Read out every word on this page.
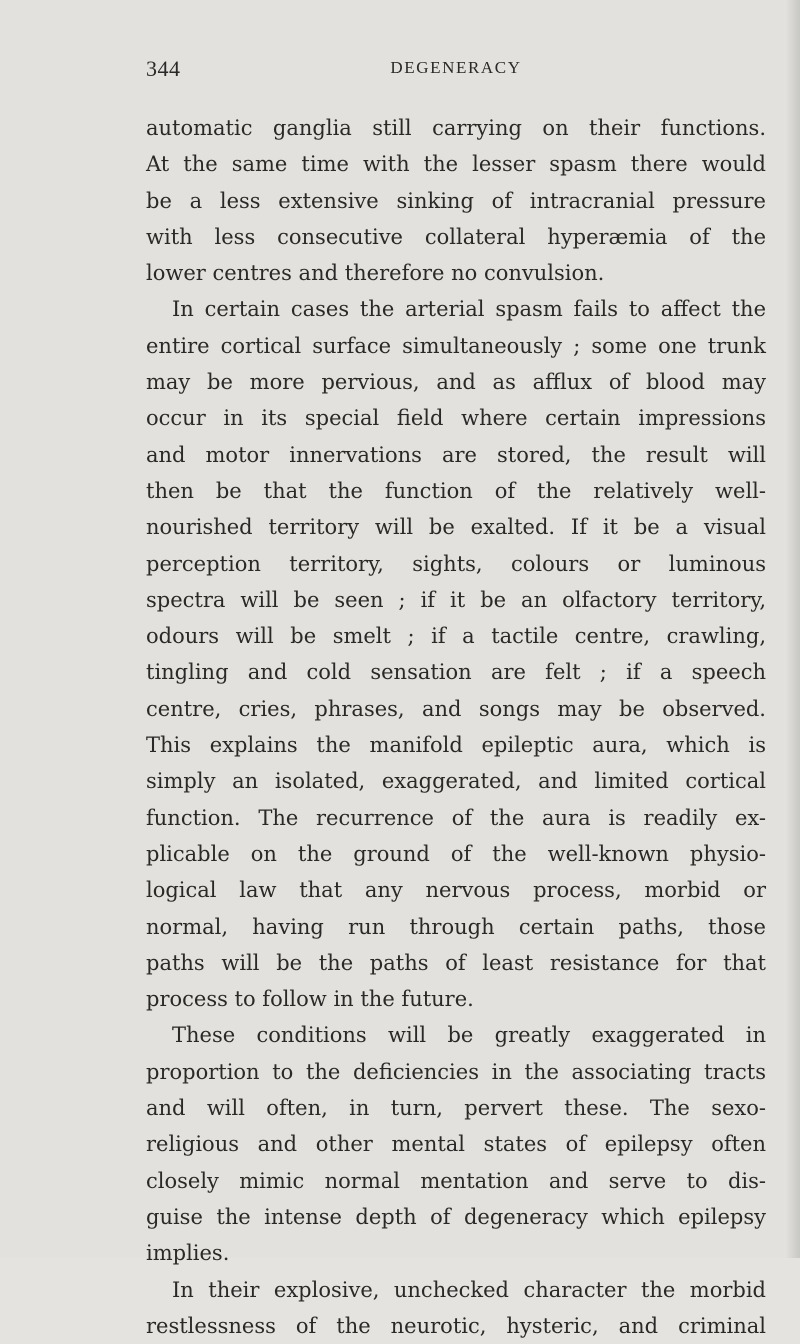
344	DEGENERACY
automatic ganglia still carrying on their functions.
At the same time with the lesser spasm there would
be a less extensive sinking of intracranial pressure
with less consecutive collateral hyperæmia of the
lower centres and therefore no convulsion.
In certain cases the arterial spasm fails to affect the
entire cortical surface simultaneously ; some one trunk
may be more pervious, and as afflux of blood may
occur in its special field where certain impressions
and motor innervations are stored, the result will
then be that the function of the relatively well-
nourished territory will be exalted. If it be a visual
perception territory, sights, colours or luminous
spectra will be seen ; if it be an olfactory territory,
odours will be smelt ; if a tactile centre, crawling,
tingling and cold sensation are felt ; if a speech
centre, cries, phrases, and songs may be observed.
This explains the manifold epileptic aura, which is
simply an isolated, exaggerated, and limited cortical
function. The recurrence of the aura is readily ex-
plicable on the ground of the well-known physio-
logical law that any nervous process, morbid or
normal, having run through certain paths, those
paths will be the paths of least resistance for that
process to follow in the future.
These conditions will be greatly exaggerated in
proportion to the deficiencies in the associating tracts
and will often, in turn, pervert these. The sexo-
religious and other mental states of epilepsy often
closely mimic normal mentation and serve to dis-
guise the intense depth of degeneracy which epilepsy
implies.
In their explosive, unchecked character the morbid
restlessness of the neurotic, hysteric, and criminal
